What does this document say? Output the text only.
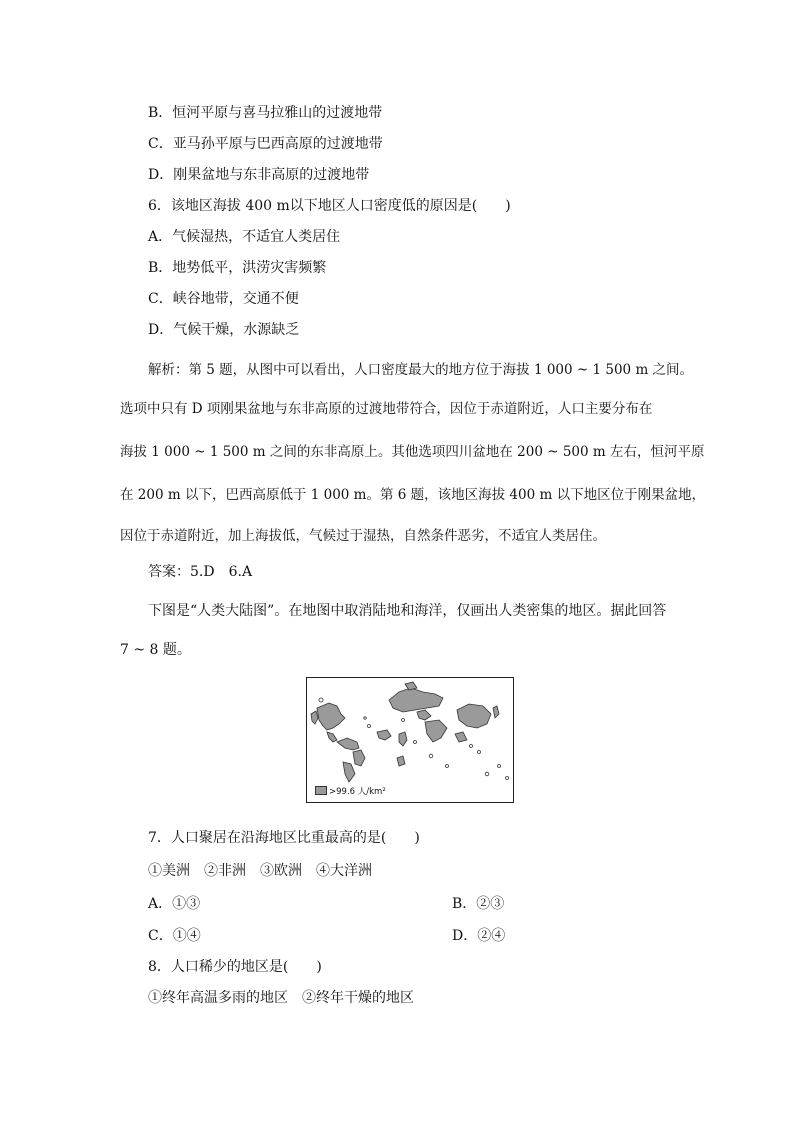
B．恒河平原与喜马拉雅山的过渡地带
C．亚马孙平原与巴西高原的过渡地带
D．刚果盆地与东非高原的过渡地带
6．该地区海拔 400 m以下地区人口密度低的原因是(　　)
A．气候湿热，不适宜人类居住
B．地势低平，洪涝灾害频繁
C．峡谷地带，交通不便
D．气候干燥，水源缺乏
解析：第 5 题，从图中可以看出，人口密度最大的地方位于海拔 1 000 ~ 1 500 m 之间。
选项中只有 D 项刚果盆地与东非高原的过渡地带符合，因位于赤道附近，人口主要分布在
海拔 1 000 ~ 1 500 m 之间的东非高原上。其他选项四川盆地在 200 ~ 500 m 左右，恒河平原
在 200 m 以下，巴西高原低于 1 000 m。第 6 题，该地区海拔 400 m 以下地区位于刚果盆地，
因位于赤道附近，加上海拔低，气候过于湿热，自然条件恶劣，不适宜人类居住。
答案：5.D　6.A
下图是“人类大陆图”。在地图中取消陆地和海洋，仅画出人类密集的地区。据此回答
7 ~ 8 题。
>99.6 人/km²
7．人口聚居在沿海地区比重最高的是(　　)
①美洲　②非洲　③欧洲　④大洋洲
A．①③	B．②③
C．①④	D．②④
8．人口稀少的地区是(　　)
①终年高温多雨的地区　②终年干燥的地区
